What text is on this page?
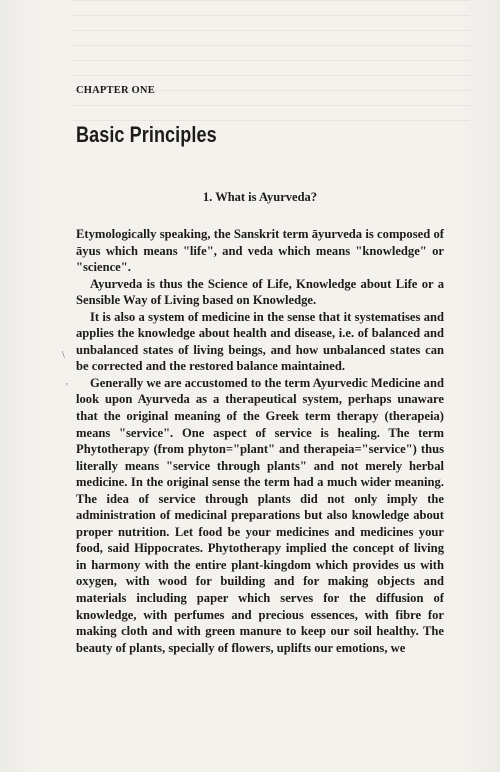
CHAPTER ONE
Basic Principles
1. What is Ayurveda?

Etymologically speaking, the Sanskrit term āyurveda is composed of āyus which means "life", and veda which means "knowledge" or "science".

Ayurveda is thus the Science of Life, Knowledge about Life or a Sensible Way of Living based on Knowledge.

It is also a system of medicine in the sense that it systematises and applies the knowledge about health and disease, i.e. of balanced and unbalanced states of living beings, and how unbalanced states can be corrected and the restored balance maintained.

Generally we are accustomed to the term Ayurvedic Medicine and look upon Ayurveda as a therapeutical system, perhaps unaware that the original meaning of the Greek term therapy (therapeia) means "service". One aspect of service is healing. The term Phytotherapy (from phyton="plant" and therapeia="service") thus literally means "service through plants" and not merely herbal medicine. In the original sense the term had a much wider meaning. The idea of service through plants did not only imply the administration of medicinal preparations but also knowledge about proper nutrition. Let food be your medicines and medicines your food, said Hippocrates. Phytotherapy implied the concept of living in harmony with the entire plant-kingdom which provides us with oxygen, with wood for building and for making objects and materials including paper which serves for the diffusion of knowledge, with perfumes and precious essences, with fibre for making cloth and with green manure to keep our soil healthy. The beauty of plants, specially of flowers, uplifts our emotions, we

\
'
